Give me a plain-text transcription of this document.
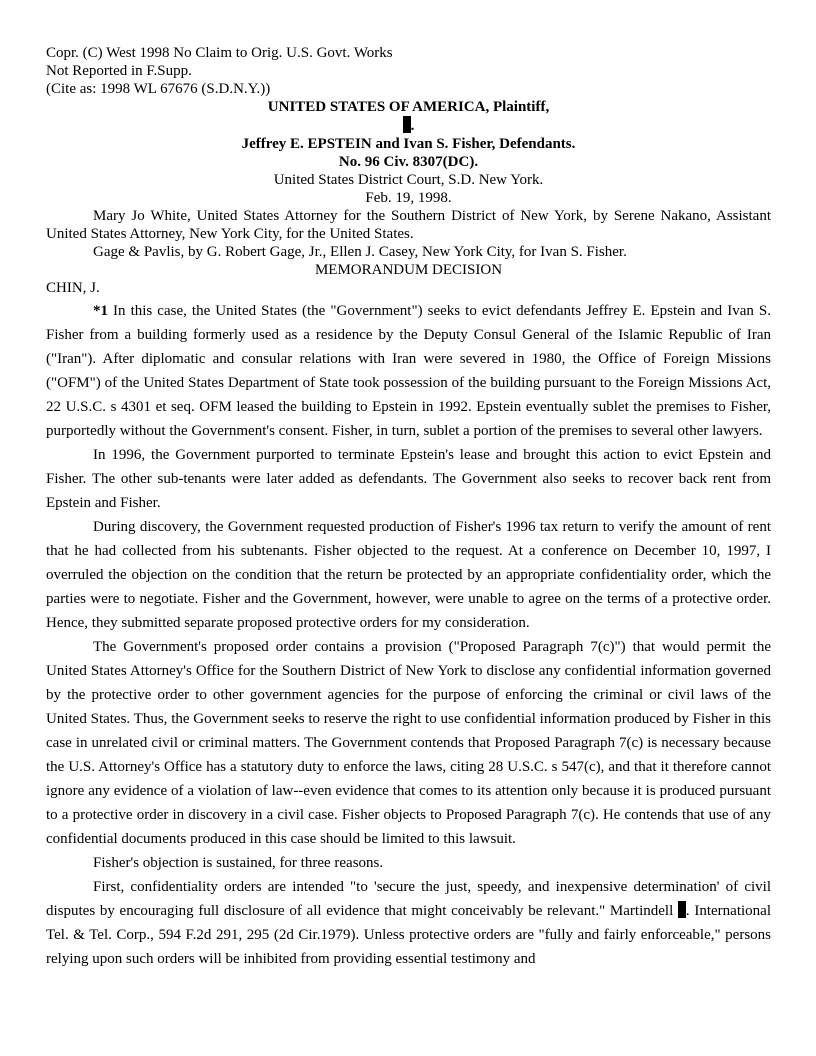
Copr. (C) West 1998 No Claim to Orig. U.S. Govt. Works
Not Reported in F.Supp.
(Cite as: 1998 WL 67676 (S.D.N.Y.))
UNITED STATES OF AMERICA, Plaintiff,
.
Jeffrey E. EPSTEIN and Ivan S. Fisher, Defendants.
No. 96 Civ. 8307(DC).
United States District Court, S.D. New York.
Feb. 19, 1998.

Mary Jo White, United States Attorney for the Southern District of New York, by Serene Nakano, Assistant United States Attorney, New York City, for the United States.

Gage & Pavlis, by G. Robert Gage, Jr., Ellen J. Casey, New York City, for Ivan S. Fisher.

MEMORANDUM DECISION

CHIN, J.

*1 In this case, the United States (the "Government") seeks to evict defendants Jeffrey E. Epstein and Ivan S. Fisher from a building formerly used as a residence by the Deputy Consul General of the Islamic Republic of Iran ("Iran"). After diplomatic and consular relations with Iran were severed in 1980, the Office of Foreign Missions ("OFM") of the United States Department of State took possession of the building pursuant to the Foreign Missions Act, 22 U.S.C. s 4301 et seq. OFM leased the building to Epstein in 1992. Epstein eventually sublet the premises to Fisher, purportedly without the Government's consent. Fisher, in turn, sublet a portion of the premises to several other lawyers.

In 1996, the Government purported to terminate Epstein's lease and brought this action to evict Epstein and Fisher. The other sub-tenants were later added as defendants. The Government also seeks to recover back rent from Epstein and Fisher.

During discovery, the Government requested production of Fisher's 1996 tax return to verify the amount of rent that he had collected from his subtenants. Fisher objected to the request. At a conference on December 10, 1997, I overruled the objection on the condition that the return be protected by an appropriate confidentiality order, which the parties were to negotiate. Fisher and the Government, however, were unable to agree on the terms of a protective order. Hence, they submitted separate proposed protective orders for my consideration.

The Government's proposed order contains a provision ("Proposed Paragraph 7(c)") that would permit the United States Attorney's Office for the Southern District of New York to disclose any confidential information governed by the protective order to other government agencies for the purpose of enforcing the criminal or civil laws of the United States. Thus, the Government seeks to reserve the right to use confidential information produced by Fisher in this case in unrelated civil or criminal matters. The Government contends that Proposed Paragraph 7(c) is necessary because the U.S. Attorney's Office has a statutory duty to enforce the laws, citing 28 U.S.C. s 547(c), and that it therefore cannot ignore any evidence of a violation of law--even evidence that comes to its attention only because it is produced pursuant to a protective order in discovery in a civil case. Fisher objects to Proposed Paragraph 7(c). He contends that use of any confidential documents produced in this case should be limited to this lawsuit.

Fisher's objection is sustained, for three reasons.

First, confidentiality orders are intended "to 'secure the just, speedy, and inexpensive determination' of civil disputes by encouraging full disclosure of all evidence that might conceivably be relevant." Martindell . International Tel. & Tel. Corp., 594 F.2d 291, 295 (2d Cir.1979). Unless protective orders are "fully and fairly enforceable," persons relying upon such orders will be inhibited from providing essential testimony and
